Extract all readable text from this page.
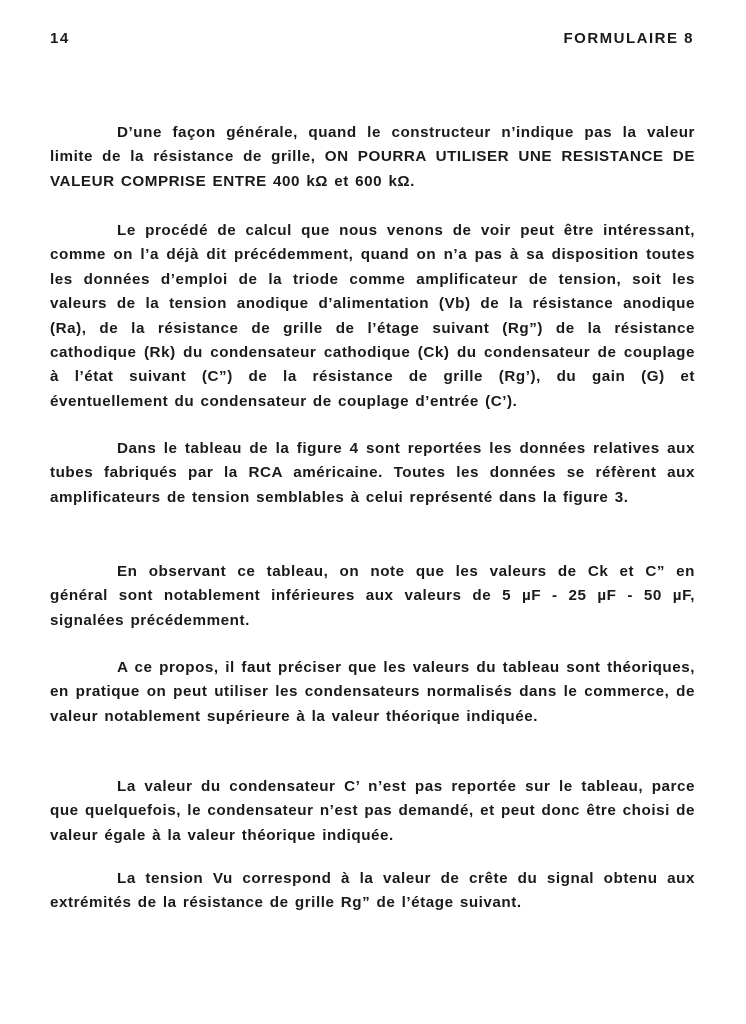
14	FORMULAIRE 8

D’une façon générale, quand le constructeur n’indique pas la valeur limite de la résistance de grille, ON POURRA UTILISER UNE RESISTANCE DE VALEUR COMPRISE ENTRE 400 kΩ et 600 kΩ.

Le procédé de calcul que nous venons de voir peut être intéressant, comme on l’a déjà dit précédemment, quand on n’a pas à sa disposition toutes les données d’emploi de la triode comme amplificateur de tension, soit les valeurs de la tension anodique d’alimentation (Vb) de la résistance anodique (Ra), de la résistance de grille de l’étage suivant (Rg”) de la résistance cathodique (Rk) du condensateur cathodique (Ck) du condensateur de couplage à l’état suivant (C”) de la résistance de grille (Rg’), du gain (G) et éventuellement du condensateur de couplage d’entrée (C’).

Dans le tableau de la figure 4 sont reportées les données relatives aux tubes fabriqués par la RCA américaine. Toutes les données se réfèrent aux amplificateurs de tension semblables à celui représenté dans la figure 3.

En observant ce tableau, on note que les valeurs de Ck et C” en général sont notablement inférieures aux valeurs de 5 µF - 25 µF - 50 µF, signalées précédemment.

A ce propos, il faut préciser que les valeurs du tableau sont théoriques, en pratique on peut utiliser les condensateurs normalisés dans le commerce, de valeur notablement supérieure à la valeur théorique indiquée.

La valeur du condensateur C’ n’est pas reportée sur le tableau, parce que quelquefois, le condensateur n’est pas demandé, et peut donc être choisi de valeur égale à la valeur théorique indiquée.

La tension Vu correspond à la valeur de crête du signal obtenu aux extrémités de la résistance de grille Rg” de l’étage suivant.
